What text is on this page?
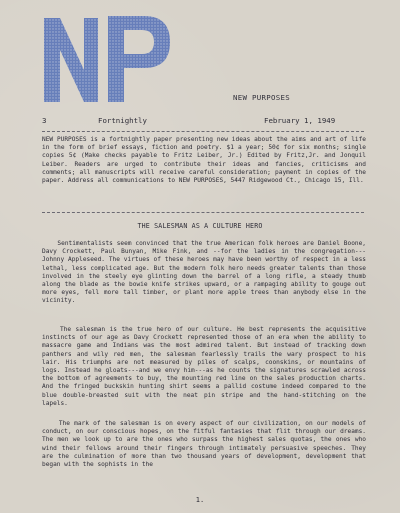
NEW PURPOSES
3	Fortnightly	February 1, 1949
NEW PURPOSES is a fortnightly paper presenting new ideas about the aims and art of life in the form of brief essays, fiction and poetry. $1 a year; 50¢ for six months; single copies 5¢ (Make checks payable to Fritz Leiber, Jr.) Edited by Fritz,Jr. and Jonquil Leiber. Readers are urged to contribute their ideas and fancies, criticisms and comments; all manuscripts will receive careful consideration; payment in copies of the paper. Address all communications to NEW PURPOSES, 5447 Ridgewood Ct., Chicago 15, Ill.
THE SALESMAN AS A CULTURE HERO
Sentimentalists seem convinced that the true American folk heroes are Daniel Boone, Davy Crockett, Paul Bunyan, Mike Fink, and --for the ladies in the congregation---Johnny Appleseed. The virtues of these heroes may have been worthy of respect in a less lethal, less complicated age. But the modern folk hero needs greater talents than those involved in the steely eye glinting down the barrel of a long rifle, a steady thumb along the blade as the bowie knife strikes upward, or a rampaging ability to gouge out more eyes, fell more tall timber, or plant more apple trees than anybody else in the vicinity.
The salesman is the true hero of our culture. He best represents the acquisitive instincts of our age as Davy Crockett represented those of an era when the ability to massacre game and Indians was the most admired talent. But instead of tracking down panthers and wily red men, the salesman fearlessly trails the wary prospect to his lair. His triumphs are not measured by piles of scalps, coonskins, or mountains of logs. Instead he gloats---and we envy him---as he counts the signatures scrawled across the bottom of agreements to buy, the mounting red line on the sales production charts. And the fringed buckskin hunting shirt seems a pallid costume indeed compared to the blue double-breasted suit with the neat pin stripe and the hand-stitching on the lapels.
The mark of the salesman is on every aspect of our civilization, on our models of conduct, on our conscious hopes, on the fitful fantasies that flit through our dreams. The men we look up to are the ones who surpass the highest sales quotas, the ones who wind their fellows around their fingers through intimately persuasive speeches. They are the culmination of more than two thousand years of development, development that began with the sophists in the
1.
